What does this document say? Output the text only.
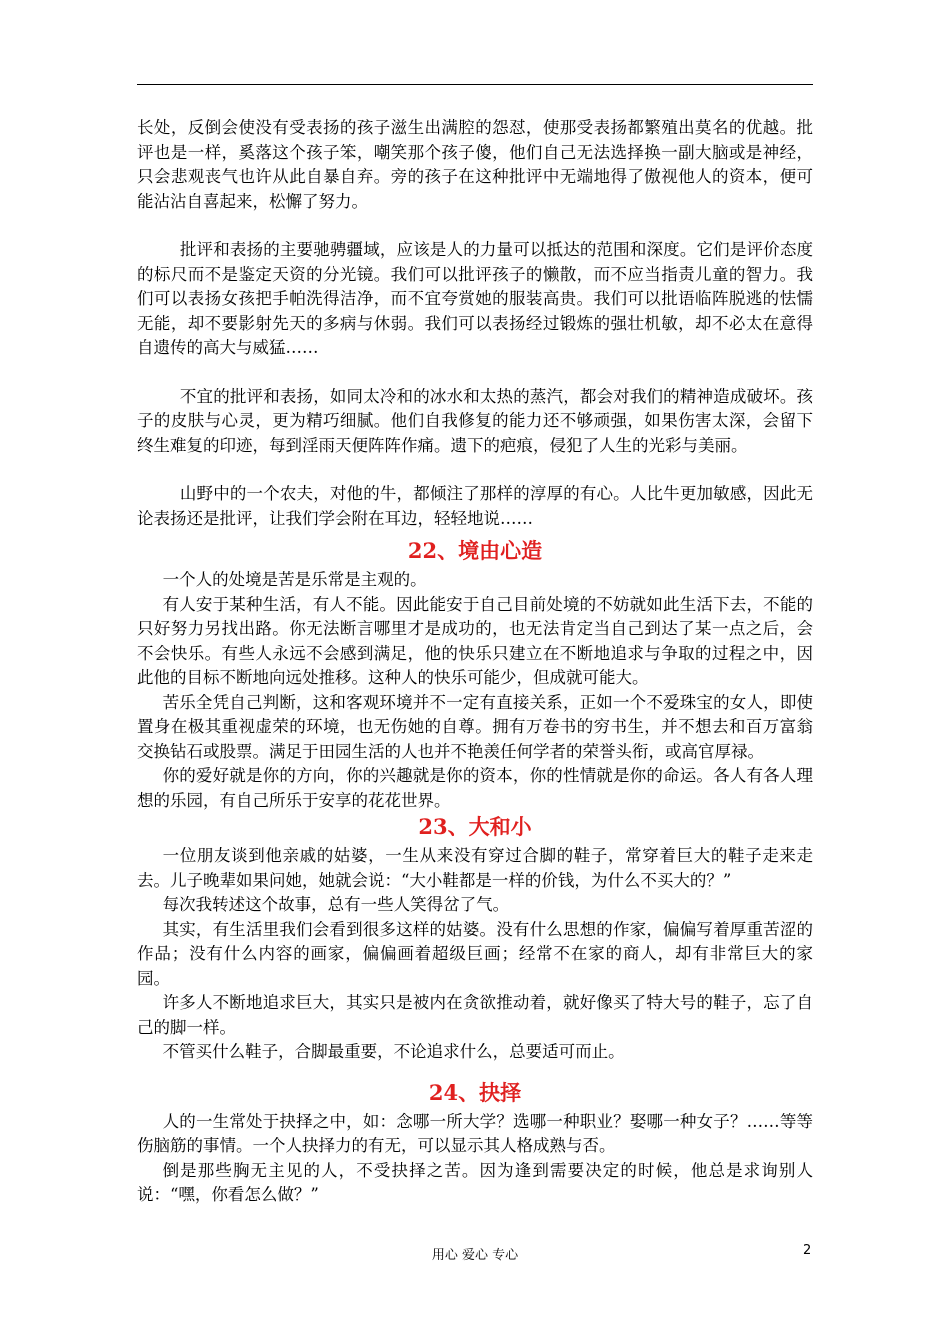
长处，反倒会使没有受表扬的孩子滋生出满腔的怨怼，使那受表扬都繁殖出莫名的优越。批评也是一样，奚落这个孩子笨，嘲笑那个孩子傻，他们自己无法选择换一副大脑或是神经，只会悲观丧气也许从此自暴自弃。旁的孩子在这种批评中无端地得了傲视他人的资本，便可能沾沾自喜起来，松懈了努力。

批评和表扬的主要驰骋疆域，应该是人的力量可以抵达的范围和深度。它们是评价态度的标尺而不是鉴定天资的分光镜。我们可以批评孩子的懒散，而不应当指责儿童的智力。我们可以表扬女孩把手帕洗得洁净，而不宜夸赏她的服装高贵。我们可以批语临阵脱逃的怯懦无能，却不要影射先天的多病与休弱。我们可以表扬经过锻炼的强壮机敏，却不必太在意得自遗传的高大与威猛……

不宜的批评和表扬，如同太冷和的冰水和太热的蒸汽，都会对我们的精神造成破坏。孩子的皮肤与心灵，更为精巧细腻。他们自我修复的能力还不够顽强，如果伤害太深，会留下终生难复的印迹，每到淫雨天便阵阵作痛。遗下的疤痕，侵犯了人生的光彩与美丽。

山野中的一个农夫，对他的牛，都倾注了那样的淳厚的有心。人比牛更加敏感，因此无论表扬还是批评，让我们学会附在耳边，轻轻地说……

22、境由心造

一个人的处境是苦是乐常是主观的。

有人安于某种生活，有人不能。因此能安于自己目前处境的不妨就如此生活下去，不能的只好努力另找出路。你无法断言哪里才是成功的，也无法肯定当自己到达了某一点之后，会不会快乐。有些人永远不会感到满足，他的快乐只建立在不断地追求与争取的过程之中，因此他的目标不断地向远处推移。这种人的快乐可能少，但成就可能大。

苦乐全凭自己判断，这和客观环境并不一定有直接关系，正如一个不爱珠宝的女人，即使置身在极其重视虚荣的环境，也无伤她的自尊。拥有万卷书的穷书生，并不想去和百万富翁交换钻石或股票。满足于田园生活的人也并不艳羡任何学者的荣誉头衔，或高官厚禄。

你的爱好就是你的方向，你的兴趣就是你的资本，你的性情就是你的命运。各人有各人理想的乐园，有自己所乐于安享的花花世界。

23、大和小

一位朋友谈到他亲戚的姑婆，一生从来没有穿过合脚的鞋子，常穿着巨大的鞋子走来走去。儿子晚辈如果问她，她就会说：“大小鞋都是一样的价钱，为什么不买大的？”

每次我转述这个故事，总有一些人笑得岔了气。

其实，有生活里我们会看到很多这样的姑婆。没有什么思想的作家，偏偏写着厚重苦涩的作品；没有什么内容的画家，偏偏画着超级巨画；经常不在家的商人，却有非常巨大的家园。

许多人不断地追求巨大，其实只是被内在贪欲推动着，就好像买了特大号的鞋子，忘了自己的脚一样。

不管买什么鞋子，合脚最重要，不论追求什么，总要适可而止。

24、抉择

人的一生常处于抉择之中，如：念哪一所大学？选哪一种职业？娶哪一种女子？……等等伤脑筋的事情。一个人抉择力的有无，可以显示其人格成熟与否。

倒是那些胸无主见的人，不受抉择之苦。因为逢到需要决定的时候，他总是求询别人说：“嘿，你看怎么做？”

用心 爱心 专心	2
